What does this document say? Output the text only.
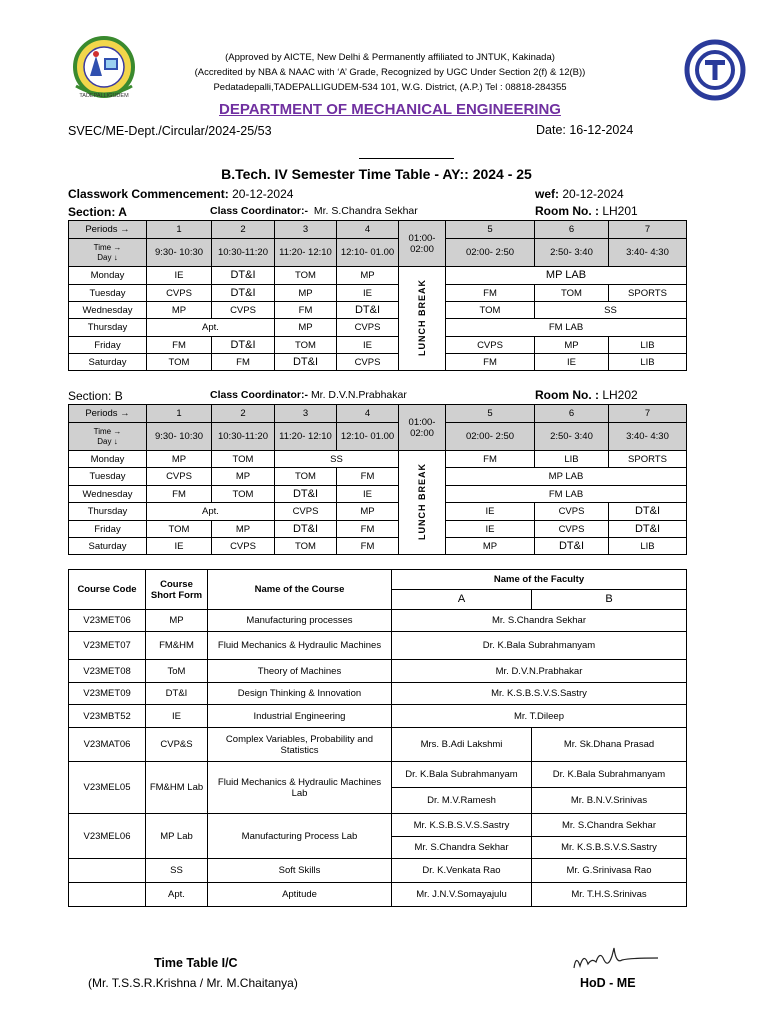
TADEPALLIGUDEM
(Approved by AICTE, New Delhi & Permanently affiliated to JNTUK, Kakinada)
(Accredited by NBA & NAAC with ‘A’ Grade, Recognized by UGC Under Section 2(f) & 12(B))
Pedatadepalli,TADEPALLIGUDEM-534 101, W.G. District, (A.P.) Tel : 08818-284355
DEPARTMENT OF MECHANICAL ENGINEERING
SVEC/ME-Dept./Circular/2024-25/53	Date: 16-12-2024
B.Tech. IV Semester Time Table - AY:: 2024 - 25
Classwork Commencement: 20-12-2024	wef: 20-12-2024
Section: A	Class Coordinator:- Mr. S.Chandra Sekhar	Room No. : LH201
Periods →	1	2	3	4	01:00- 02:00	5	6	7
Time →
Day ↓	9:30- 10:30	10:30-11:20	11:20- 12:10	12:10- 01.00		02:00- 2:50	2:50- 3:40	3:40- 4:30
Monday	IE	DT&I	TOM	MP	LUNCH BREAK	MP LAB		
Tuesday	CVPS	DT&I	MP	IE		FM	TOM	SPORTS
Wednesday	MP	CVPS	FM	DT&I		TOM	SS	
Thursday	Apt.		MP	CVPS		FM LAB		
Friday	FM	DT&I	TOM	IE		CVPS	MP	LIB
Saturday	TOM	FM	DT&I	CVPS		FM	IE	LIB
Section: B	Class Coordinator:- Mr. D.V.N.Prabhakar	Room No. : LH202
Periods →	1	2	3	4	01:00- 02:00	5	6	7
Time →
Day ↓	9:30- 10:30	10:30-11:20	11:20- 12:10	12:10- 01.00		02:00- 2:50	2:50- 3:40	3:40- 4:30
Monday	MP	TOM	SS		LUNCH BREAK	FM	LIB	SPORTS
Tuesday	CVPS	MP	TOM	FM		MP LAB		
Wednesday	FM	TOM	DT&I	IE		FM LAB		
Thursday	Apt.		CVPS	MP		IE	CVPS	DT&I
Friday	TOM	MP	DT&I	FM		IE	CVPS	DT&I
Saturday	IE	CVPS	TOM	FM		MP	DT&I	LIB
Course Code	Course Short Form	Name of the Course	Name of the Faculty	
			A	B
V23MET06	MP	Manufacturing processes	Mr. S.Chandra Sekhar	
V23MET07	FM&HM	Fluid Mechanics & Hydraulic Machines	Dr. K.Bala Subrahmanyam	
V23MET08	ToM	Theory of Machines	Mr. D.V.N.Prabhakar	
V23MET09	DT&I	Design Thinking & Innovation	Mr. K.S.B.S.V.S.Sastry	
V23MBT52	IE	Industrial Engineering	Mr. T.Dileep	
V23MAT06	CVP&S	Complex Variables, Probability and Statistics	Mrs. B.Adi Lakshmi	Mr. Sk.Dhana Prasad
V23MEL05	FM&HM Lab	Fluid Mechanics & Hydraulic Machines Lab	Dr. K.Bala Subrahmanyam	Dr. K.Bala Subrahmanyam
			Dr. M.V.Ramesh	Mr. B.N.V.Srinivas
V23MEL06	MP Lab	Manufacturing Process Lab	Mr. K.S.B.S.V.S.Sastry	Mr. S.Chandra Sekhar
			Mr. S.Chandra Sekhar	Mr. K.S.B.S.V.S.Sastry
	SS	Soft Skills	Dr. K.Venkata Rao	Mr. G.Srinivasa Rao
	Apt.	Aptitude	Mr. J.N.V.Somayajulu	Mr. T.H.S.Srinivas
Time Table I/C
(Mr. T.S.S.R.Krishna / Mr. M.Chaitanya)	HoD - ME
